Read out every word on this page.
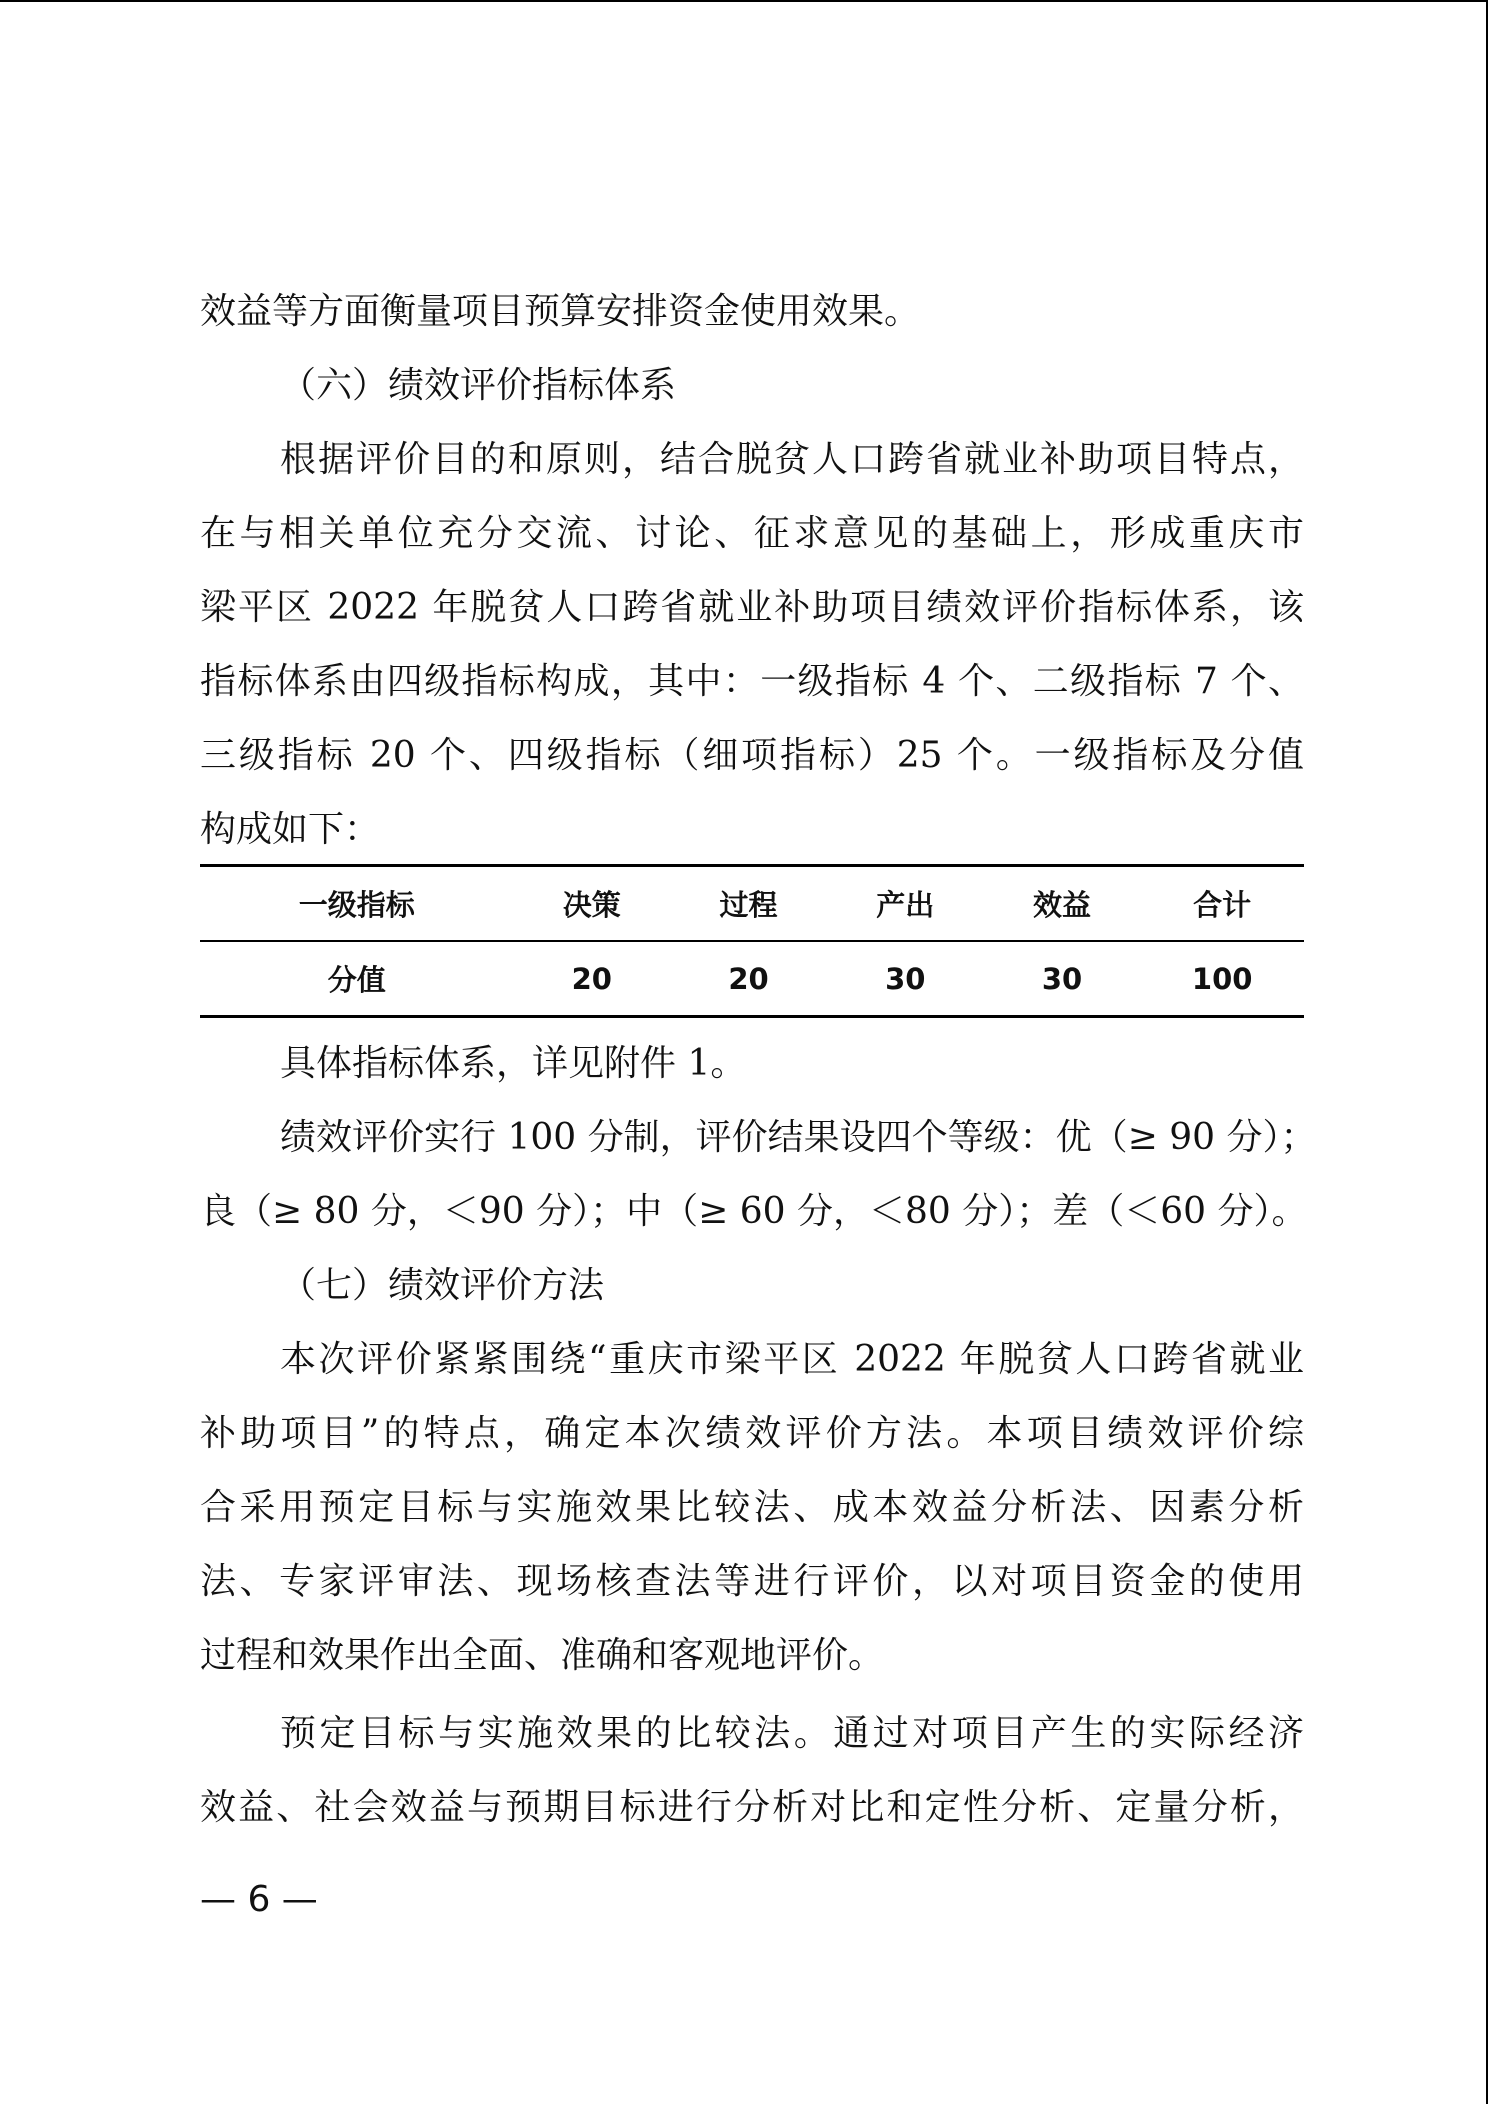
效益等方面衡量项目预算安排资金使用效果。
（六）绩效评价指标体系
根据评价目的和原则，结合脱贫人口跨省就业补助项目特点，
在与相关单位充分交流、讨论、征求意见的基础上，形成重庆市
梁平区 2022 年脱贫人口跨省就业补助项目绩效评价指标体系，该
指标体系由四级指标构成，其中：一级指标 4 个、二级指标 7 个、
三级指标 20 个、四级指标（细项指标）25 个。一级指标及分值
构成如下：
一级指标	决策	过程	产出	效益	合计
分值	20	20	30	30	100
具体指标体系，详见附件 1。
绩效评价实行 100 分制，评价结果设四个等级：优（≥ 90 分）；
良（≥ 80 分，＜90 分）；中（≥ 60 分，＜80 分）；差（＜60 分）。
（七）绩效评价方法
本次评价紧紧围绕“重庆市梁平区 2022 年脱贫人口跨省就业
补助项目”的特点，确定本次绩效评价方法。本项目绩效评价综
合采用预定目标与实施效果比较法、成本效益分析法、因素分析
法、专家评审法、现场核查法等进行评价，以对项目资金的使用
过程和效果作出全面、准确和客观地评价。
预定目标与实施效果的比较法。通过对项目产生的实际经济
效益、社会效益与预期目标进行分析对比和定性分析、定量分析，
— 6 —
